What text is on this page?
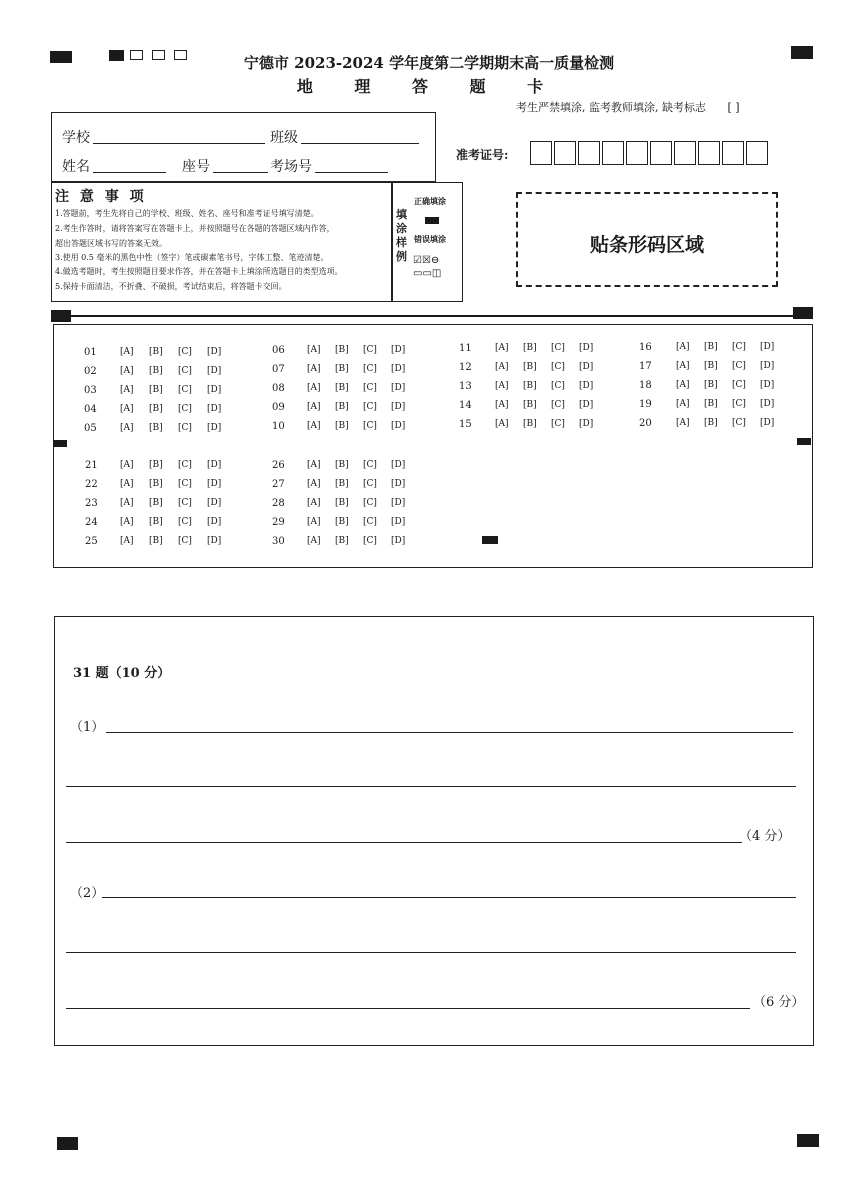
宁德市 2023-2024 学年度第二学期期末高一质量检测
地 理 答 题 卡
考生严禁填涂, 监考教师填涂, 缺考标志 [ ]
学校	班级
姓名	座号	考场号
准考证号:
注 意 事 项
1.答题前，考生先将自己的学校、班级、姓名、座号和准考证号填写清楚。
2.考生作答时，请将答案写在答题卡上，并按照题号在各题的答题区域内作答，
超出答题区域书写的答案无效。
3.使用 0.5 毫米的黑色中性（签字）笔或碳素笔书号，字体工整、笔迹清楚。
4.做选考题时，考生按照题目要求作答，并在答题卡上填涂所选题目的类型选项。
5.保持卡面清洁，不折叠、不破损，考试结束后，将答题卡交回。
填涂样例
正确填涂
错误填涂
☑☒⊖
▭▭◫
贴条形码区域
01	[A] [B] [C] [D]
02	[A] [B] [C] [D]
03	[A] [B] [C] [D]
04	[A] [B] [C] [D]
05	[A] [B] [C] [D]
06 [A] [B] [C] [D]
07 [A] [B] [C] [D]
08 [A] [B] [C] [D]
09 [A] [B] [C] [D]
10 [A] [B] [C] [D]
11	[A] [B] [C] [D]
12	[A] [B] [C] [D]
13	[A] [B] [C] [D]
14	[A] [B] [C] [D]
15	[A] [B] [C] [D]
16	[A] [B] [C] [D]
17	[A] [B] [C] [D]
18	[A] [B] [C] [D]
19	[A] [B] [C] [D]
20	[A] [B] [C] [D]
21 [A] [B] [C] [D]
22 [A] [B] [C] [D]
23 [A] [B] [C] [D]
24 [A] [B] [C] [D]
25 [A] [B] [C] [D]
26 [A] [B] [C] [D]
27 [A] [B] [C] [D]
28 [A] [B] [C] [D]
29 [A] [B] [C] [D]
30 [A] [B] [C] [D]
31 题（10 分）
（1）
（4 分）
（2）
（6 分）
